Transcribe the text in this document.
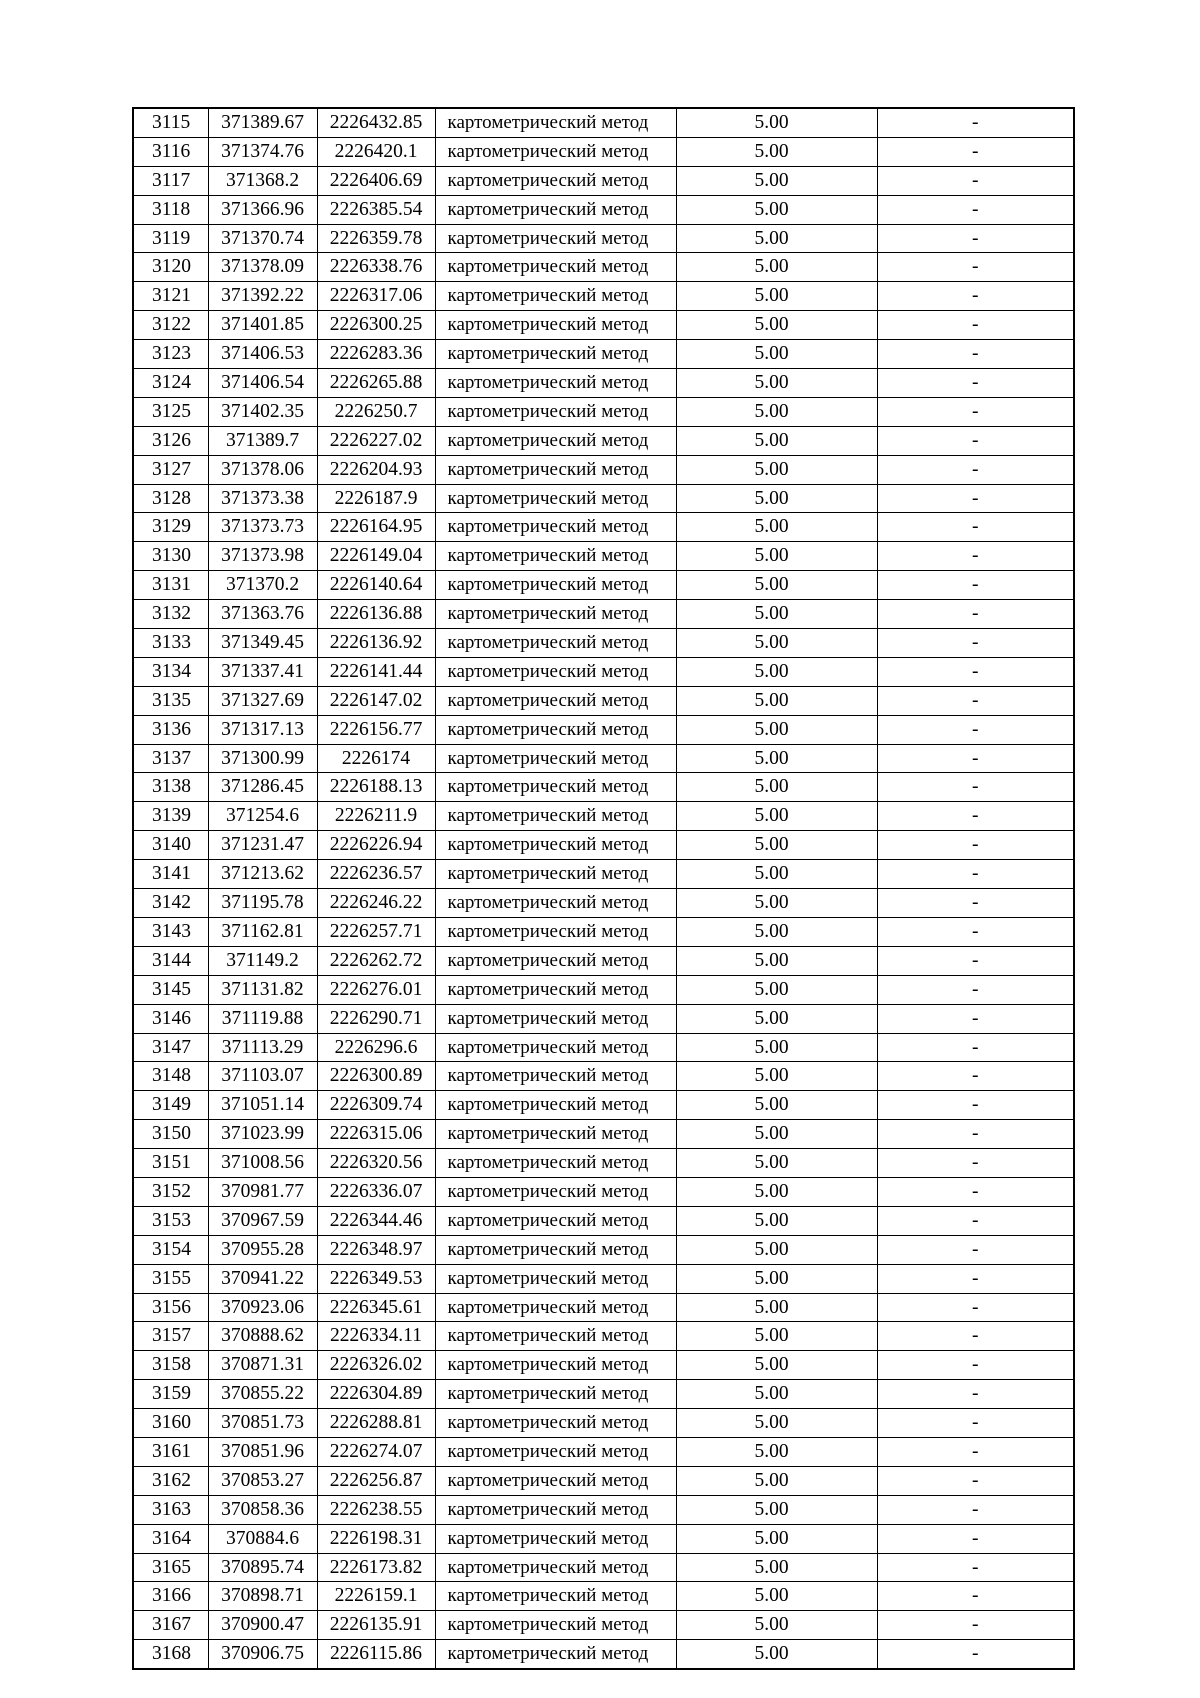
3115	371389.67	2226432.85	картометрический метод	5.00	-

3116	371374.76	2226420.1	картометрический метод	5.00	-

3117	371368.2	2226406.69	картометрический метод	5.00	-

3118	371366.96	2226385.54	картометрический метод	5.00	-

3119	371370.74	2226359.78	картометрический метод	5.00	-

3120	371378.09	2226338.76	картометрический метод	5.00	-

3121	371392.22	2226317.06	картометрический метод	5.00	-

3122	371401.85	2226300.25	картометрический метод	5.00	-

3123	371406.53	2226283.36	картометрический метод	5.00	-

3124	371406.54	2226265.88	картометрический метод	5.00	-

3125	371402.35	2226250.7	картометрический метод	5.00	-

3126	371389.7	2226227.02	картометрический метод	5.00	-

3127	371378.06	2226204.93	картометрический метод	5.00	-

3128	371373.38	2226187.9	картометрический метод	5.00	-

3129	371373.73	2226164.95	картометрический метод	5.00	-

3130	371373.98	2226149.04	картометрический метод	5.00	-

3131	371370.2	2226140.64	картометрический метод	5.00	-

3132	371363.76	2226136.88	картометрический метод	5.00	-

3133	371349.45	2226136.92	картометрический метод	5.00	-

3134	371337.41	2226141.44	картометрический метод	5.00	-

3135	371327.69	2226147.02	картометрический метод	5.00	-

3136	371317.13	2226156.77	картометрический метод	5.00	-

3137	371300.99	2226174	картометрический метод	5.00	-

3138	371286.45	2226188.13	картометрический метод	5.00	-

3139	371254.6	2226211.9	картометрический метод	5.00	-

3140	371231.47	2226226.94	картометрический метод	5.00	-

3141	371213.62	2226236.57	картометрический метод	5.00	-

3142	371195.78	2226246.22	картометрический метод	5.00	-

3143	371162.81	2226257.71	картометрический метод	5.00	-

3144	371149.2	2226262.72	картометрический метод	5.00	-

3145	371131.82	2226276.01	картометрический метод	5.00	-

3146	371119.88	2226290.71	картометрический метод	5.00	-

3147	371113.29	2226296.6	картометрический метод	5.00	-

3148	371103.07	2226300.89	картометрический метод	5.00	-

3149	371051.14	2226309.74	картометрический метод	5.00	-

3150	371023.99	2226315.06	картометрический метод	5.00	-

3151	371008.56	2226320.56	картометрический метод	5.00	-

3152	370981.77	2226336.07	картометрический метод	5.00	-

3153	370967.59	2226344.46	картометрический метод	5.00	-

3154	370955.28	2226348.97	картометрический метод	5.00	-

3155	370941.22	2226349.53	картометрический метод	5.00	-

3156	370923.06	2226345.61	картометрический метод	5.00	-

3157	370888.62	2226334.11	картометрический метод	5.00	-

3158	370871.31	2226326.02	картометрический метод	5.00	-

3159	370855.22	2226304.89	картометрический метод	5.00	-

3160	370851.73	2226288.81	картометрический метод	5.00	-

3161	370851.96	2226274.07	картометрический метод	5.00	-

3162	370853.27	2226256.87	картометрический метод	5.00	-

3163	370858.36	2226238.55	картометрический метод	5.00	-

3164	370884.6	2226198.31	картометрический метод	5.00	-

3165	370895.74	2226173.82	картометрический метод	5.00	-

3166	370898.71	2226159.1	картометрический метод	5.00	-

3167	370900.47	2226135.91	картометрический метод	5.00	-

3168	370906.75	2226115.86	картометрический метод	5.00	-
